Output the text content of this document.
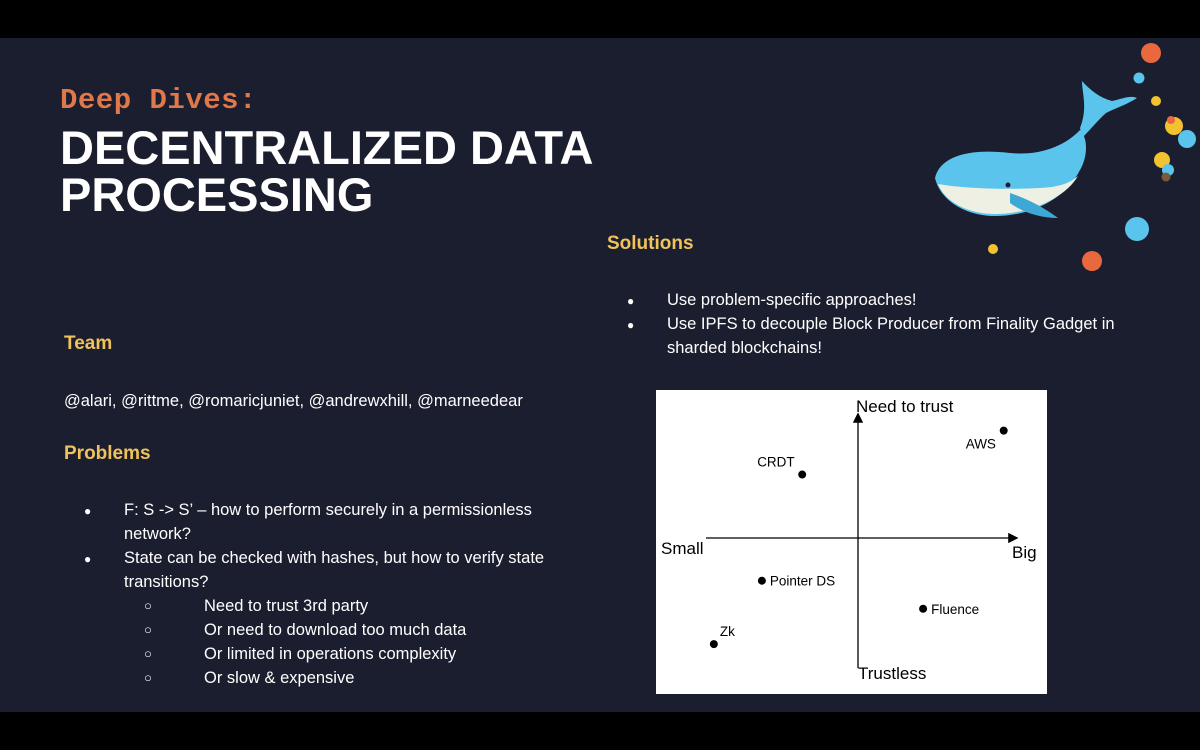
Deep Dives:
DECENTRALIZED DATA
PROCESSING
Team
@alari, @rittme, @romaricjuniet, @andrewxhill, @marneedear
Problems
● F: S -> S’ – how to perform securely in a permissionless network?
● State can be checked with hashes, but how to verify state transitions?
○ Need to trust 3rd party
○ Or need to download too much data
○ Or limited in operations complexity
○ Or slow & expensive
Solutions
● Use problem-specific approaches!
● Use IPFS to decouple Block Producer from Finality Gadget in sharded blockchains!
Need to trust
Trustless
Small	Big
AWS
CRDT
Pointer DS
Fluence
Zk
